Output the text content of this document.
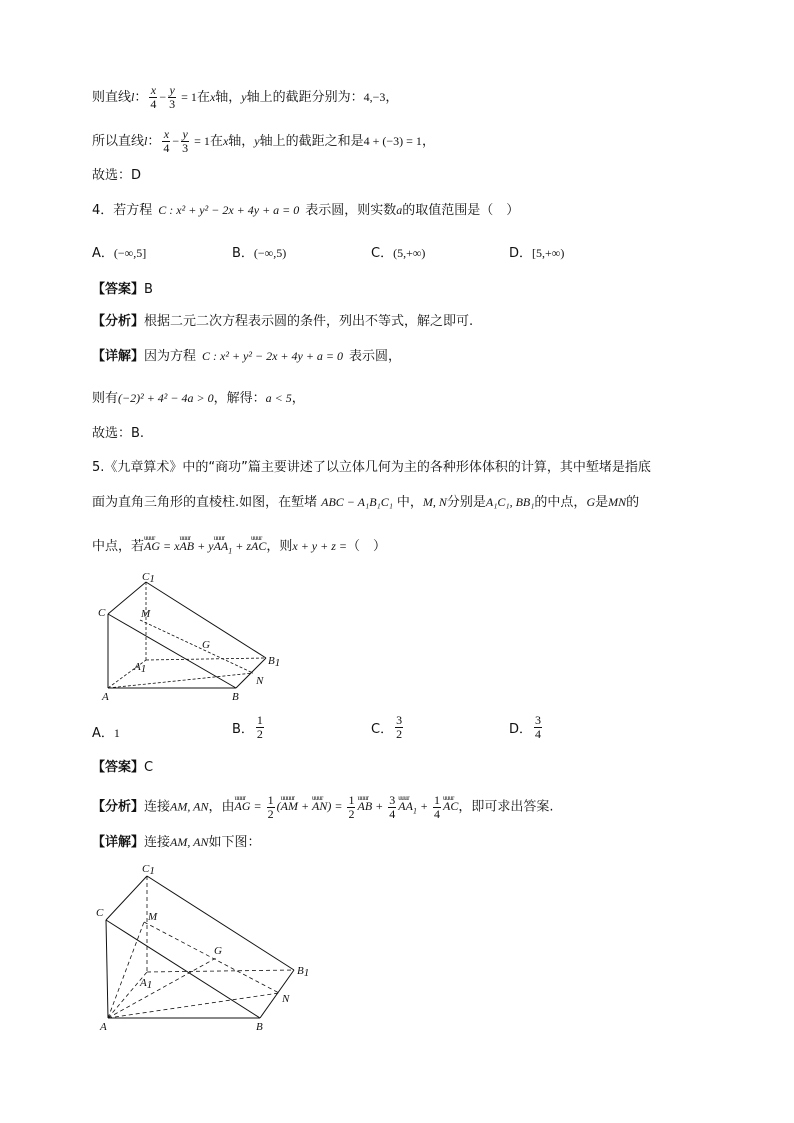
则直线l： $\frac{x}{4} - \frac{y}{3} = 1$在x轴，y轴上的截距分别为：4,−3，
所以直线l： $\frac{x}{4} - \frac{y}{3} = 1$在x轴，y轴上的截距之和是4 + (−3) = 1，
故选：D
4．若方程 C : x² + y² − 2x + 4y + a = 0 表示圆，则实数a的取值范围是（　）
A．(−∞,5]	B．(−∞,5)	C．(5,+∞)	D．[5,+∞)
【答案】B
【分析】根据二元二次方程表示圆的条件，列出不等式，解之即可.
【详解】因为方程 C : x² + y² − 2x + 4y + a = 0 表示圆，
则有(−2)² + 4² − 4a > 0，解得：a < 5，
故选：B.
5.《九章算术》中的“商功”篇主要讲述了以立体几何为主的各种形体体积的计算，其中堑堵是指底
面为直角三角形的直棱柱.如图，在堑堵 ABC − A₁B₁C₁ 中，M, N分别是A₁C₁, BB₁的中点，G是MN的
中点，若uuur AG = xuuur AB + yuuur $AA_1$ + zuuur AC，则x + y + z =（　）
C1
C	M
G
A1
B1
N
A	B
A．1	B． $\frac{1}{2}$	C． $\frac{3}{2}$	D． $\frac{3}{4}$
【答案】C
【分析】连接AM, AN，由uuur AG = $\frac{1}{2}$ (uuuur AM + uuur $AN) = \frac{1}{2}$ uuur AB + $\frac{3}{4}$ uuur $AA_1 + \frac{1}{4}$ uuur AC，即可求出答案.
【详解】连接AM, AN如下图：
C1
C	M
G
A1
B1
N
A	B
